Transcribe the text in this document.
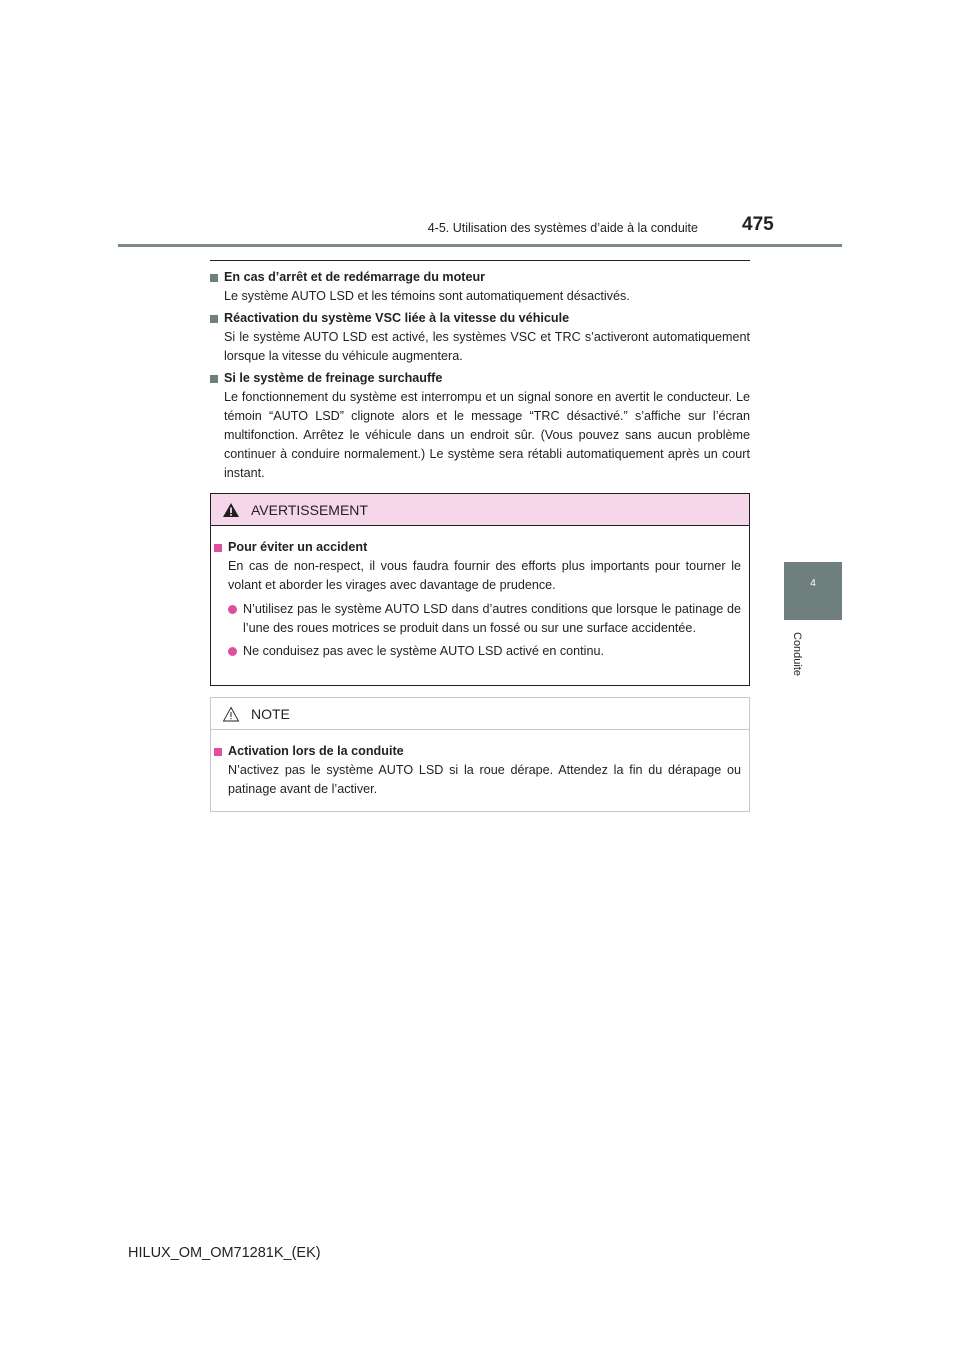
4-5. Utilisation des systèmes d’aide à la conduite 475
4
Conduite
En cas d’arrêt et de redémarrage du moteur
Le système AUTO LSD et les témoins sont automatiquement désactivés.
Réactivation du système VSC liée à la vitesse du véhicule
Si le système AUTO LSD est activé, les systèmes VSC et TRC s’activeront automatiquement lorsque la vitesse du véhicule augmentera.
Si le système de freinage surchauffe
Le fonctionnement du système est interrompu et un signal sonore en avertit le conducteur. Le témoin “AUTO LSD” clignote alors et le message “TRC désactivé.” s’affiche sur l’écran multifonction. Arrêtez le véhicule dans un endroit sûr. (Vous pouvez sans aucun problème continuer à conduire normalement.) Le système sera rétabli automatiquement après un court instant.
AVERTISSEMENT
Pour éviter un accident
En cas de non-respect, il vous faudra fournir des efforts plus importants pour tourner le volant et aborder les virages avec davantage de prudence.
N’utilisez pas le système AUTO LSD dans d’autres conditions que lorsque le patinage de l’une des roues motrices se produit dans un fossé ou sur une surface accidentée.
Ne conduisez pas avec le système AUTO LSD activé en continu.
NOTE
Activation lors de la conduite
N’activez pas le système AUTO LSD si la roue dérape. Attendez la fin du dérapage ou patinage avant de l’activer.
HILUX_OM_OM71281K_(EK)
